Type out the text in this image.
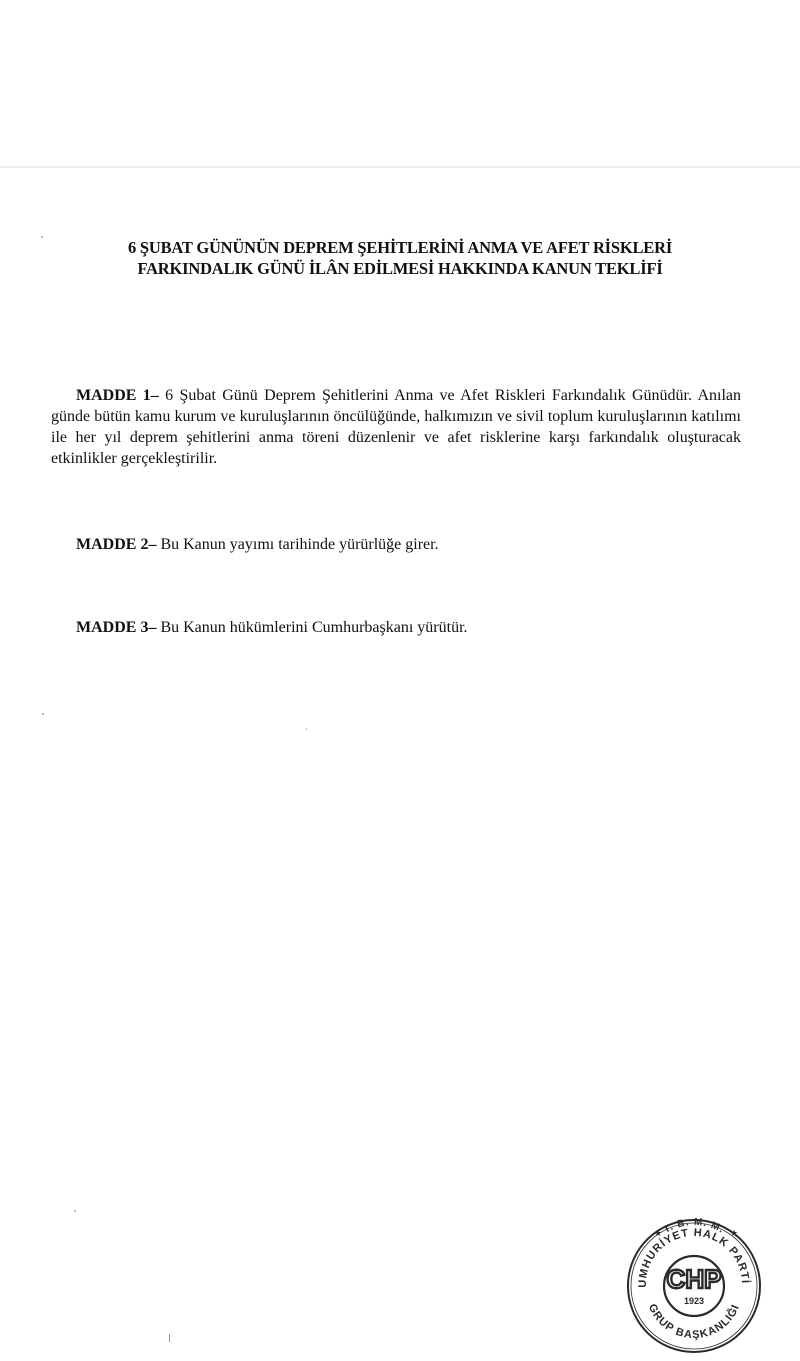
6 ŞUBAT GÜNÜNÜN DEPREM ŞEHİTLERİNİ ANMA VE AFET RİSKLERİ
FARKINDALIK GÜNÜ İLÂN EDİLMESİ HAKKINDA KANUN TEKLİFİ
MADDE 1– 6 Şubat Günü Deprem Şehitlerini Anma ve Afet Riskleri Farkındalık Günüdür. Anılan günde bütün kamu kurum ve kuruluşlarının öncülüğünde, halkımızın ve sivil toplum kuruluşlarının katılımı ile her yıl deprem şehitlerini anma töreni düzenlenir ve afet risklerine karşı farkındalık oluşturacak etkinlikler gerçekleştirilir.
MADDE 2– Bu Kanun yayımı tarihinde yürürlüğe girer.
MADDE 3– Bu Kanun hükümlerini Cumhurbaşkanı yürütür.
T. B. M. M.
UMHURİYET HALK PARTİ
GRUP BAŞKANLIĞI
★	★
CHP
1923
